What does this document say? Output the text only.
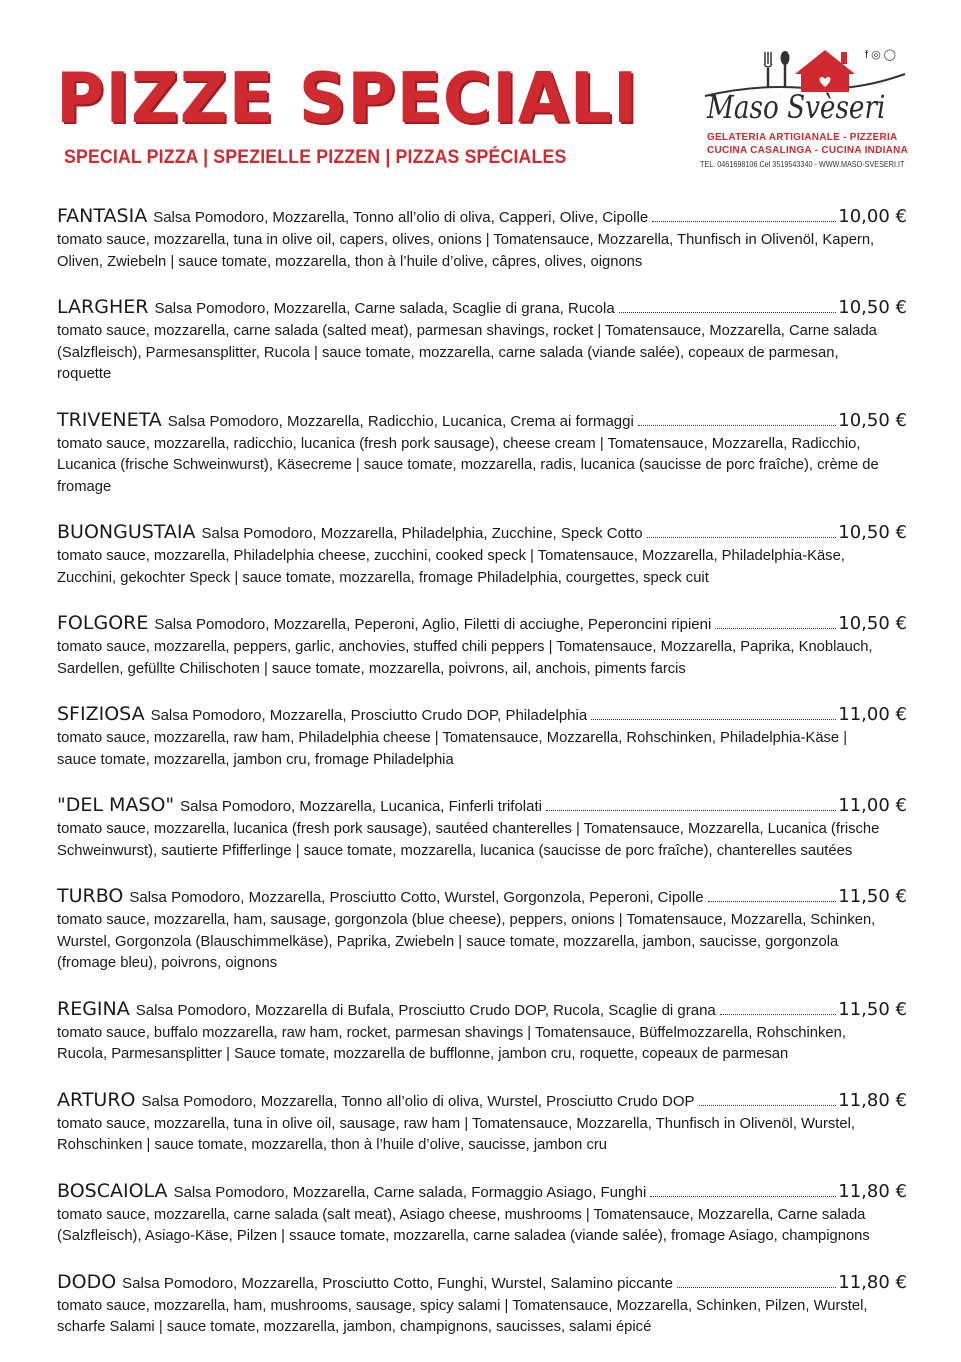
PIZZE SPECIALI
SPECIAL PIZZA | SPEZIELLE PIZZEN | PIZZAS SPÉCIALES
f◎◯
Maso Svèseri
GELATERIA ARTIGIANALE - PIZZERIA
CUCINA CASALINGA - CUCINA INDIANA
TEL. 0461698106 Cel 3519543340 - WWW.MASO-SVESERI.IT
FANTASIA Salsa Pomodoro, Mozzarella, Tonno all’olio di oliva, Capperi, Olive, Cipolle	10,00 €

tomato sauce, mozzarella, tuna in olive oil, capers, olives, onions | Tomatensauce, Mozzarella, Thunfisch in Olivenöl, Kapern, Oliven, Zwiebeln | sauce tomate, mozzarella, thon à l’huile d’olive, câpres, olives, oignons

LARGHER Salsa Pomodoro, Mozzarella, Carne salada, Scaglie di grana, Rucola	10,50 €

tomato sauce, mozzarella, carne salada (salted meat), parmesan shavings, rocket | Tomatensauce, Mozzarella, Carne salada (Salzfleisch), Parmesansplitter, Rucola | sauce tomate, mozzarella, carne salada (viande salée), copeaux de parmesan, roquette

TRIVENETA Salsa Pomodoro, Mozzarella, Radicchio, Lucanica, Crema ai formaggi	10,50 €

tomato sauce, mozzarella, radicchio, lucanica (fresh pork sausage), cheese cream | Tomatensauce, Mozzarella, Radicchio, Lucanica (frische Schweinwurst), Käsecreme | sauce tomate, mozzarella, radis, lucanica (saucisse de porc fraîche), crème de fromage

BUONGUSTAIA Salsa Pomodoro, Mozzarella, Philadelphia, Zucchine, Speck Cotto	10,50 €

tomato sauce, mozzarella, Philadelphia cheese, zucchini, cooked speck | Tomatensauce, Mozzarella, Philadelphia-Käse, Zucchini, gekochter Speck | sauce tomate, mozzarella, fromage Philadelphia, courgettes, speck cuit

FOLGORE Salsa Pomodoro, Mozzarella, Peperoni, Aglio, Filetti di acciughe, Peperoncini ripieni	10,50 €

tomato sauce, mozzarella, peppers, garlic, anchovies, stuffed chili peppers | Tomatensauce, Mozzarella, Paprika, Knoblauch, Sardellen, gefüllte Chilischoten | sauce tomate, mozzarella, poivrons, ail, anchois, piments farcis

SFIZIOSA Salsa Pomodoro, Mozzarella, Prosciutto Crudo DOP, Philadelphia	11,00 €

tomato sauce, mozzarella, raw ham, Philadelphia cheese | Tomatensauce, Mozzarella, Rohschinken, Philadelphia-Käse | sauce tomate, mozzarella, jambon cru, fromage Philadelphia

"DEL MASO" Salsa Pomodoro, Mozzarella, Lucanica, Finferli trifolati	11,00 €

tomato sauce, mozzarella, lucanica (fresh pork sausage), sautéed chanterelles | Tomatensauce, Mozzarella, Lucanica (frische Schweinwurst), sautierte Pfifferlinge | sauce tomate, mozzarella, lucanica (saucisse de porc fraîche), chanterelles sautées

TURBO Salsa Pomodoro, Mozzarella, Prosciutto Cotto, Wurstel, Gorgonzola, Peperoni, Cipolle	11,50 €

tomato sauce, mozzarella, ham, sausage, gorgonzola (blue cheese), peppers, onions | Tomatensauce, Mozzarella, Schinken, Wurstel, Gorgonzola (Blauschimmelkäse), Paprika, Zwiebeln | sauce tomate, mozzarella, jambon, saucisse, gorgonzola (fromage bleu), poivrons, oignons

REGINA Salsa Pomodoro, Mozzarella di Bufala, Prosciutto Crudo DOP, Rucola, Scaglie di grana	11,50 €

tomato sauce, buffalo mozzarella, raw ham, rocket, parmesan shavings | Tomatensauce, Büffelmozzarella, Rohschinken, Rucola, Parmesansplitter | Sauce tomate, mozzarella de bufflonne, jambon cru, roquette, copeaux de parmesan

ARTURO Salsa Pomodoro, Mozzarella, Tonno all’olio di oliva, Wurstel, Prosciutto Crudo DOP	11,80 €

tomato sauce, mozzarella, tuna in olive oil, sausage, raw ham | Tomatensauce, Mozzarella, Thunfisch in Olivenöl, Wurstel, Rohschinken | sauce tomate, mozzarella, thon à l’huile d’olive, saucisse, jambon cru

BOSCAIOLA Salsa Pomodoro, Mozzarella, Carne salada, Formaggio Asiago, Funghi	11,80 €

tomato sauce, mozzarella, carne salada (salt meat), Asiago cheese, mushrooms | Tomatensauce, Mozzarella, Carne salada (Salzfleisch), Asiago-Käse, Pilzen | ssauce tomate, mozzarella, carne saladea (viande salée), fromage Asiago, champignons

DODO Salsa Pomodoro, Mozzarella, Prosciutto Cotto, Funghi, Wurstel, Salamino piccante	11,80 €

tomato sauce, mozzarella, ham, mushrooms, sausage, spicy salami | Tomatensauce, Mozzarella, Schinken, Pilzen, Wurstel, scharfe Salami | sauce tomate, mozzarella, jambon, champignons, saucisses, salami épicé
